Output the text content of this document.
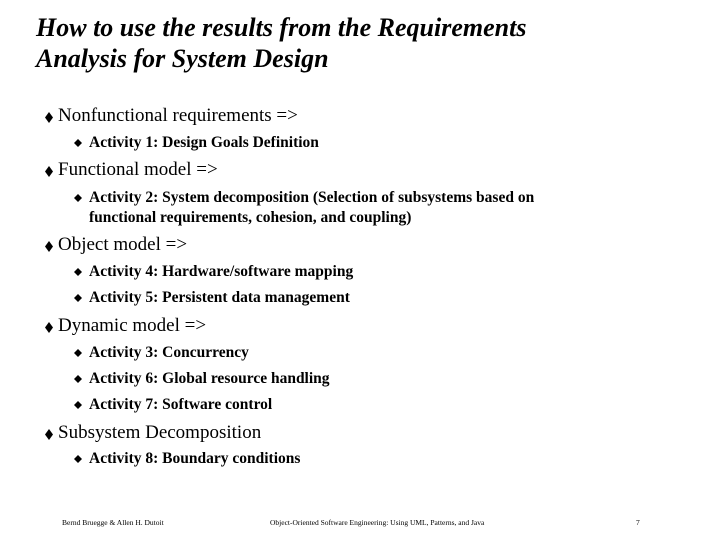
How to use the results from the Requirements
Analysis for System Design
Nonfunctional requirements =>
Activity 1: Design Goals Definition
Functional model =>
Activity 2: System decomposition (Selection of subsystems based on
functional requirements, cohesion, and coupling)
Object model =>
Activity 4: Hardware/software mapping
Activity 5: Persistent data management
Dynamic model =>
Activity 3: Concurrency
Activity 6: Global resource handling
Activity 7: Software control
Subsystem Decomposition
Activity 8: Boundary conditions
Bernd Bruegge & Allen H. Dutoit	Object-Oriented Software Engineering: Using UML, Patterns, and Java	7
